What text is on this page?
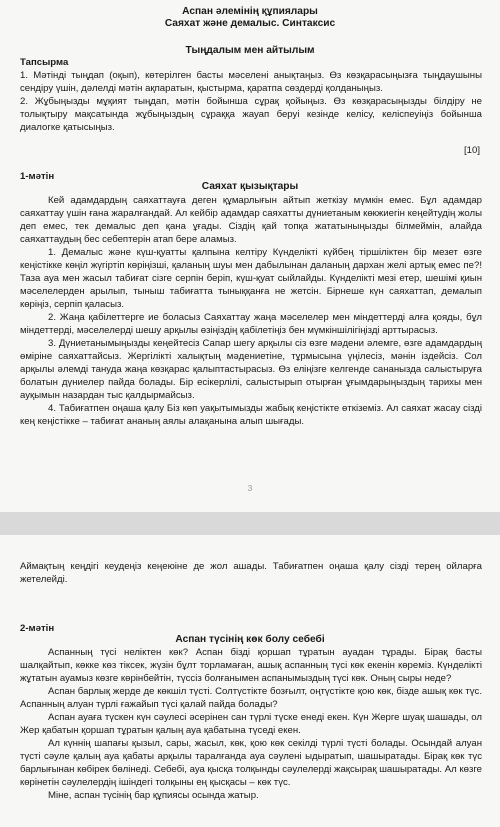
Аспан әлемінің құпиялары
Саяхат және демалыс. Синтаксис
Тыңдалым мен айтылым
Тапсырма

1. Мәтінді тыңдап (оқып), көтерілген басты мәселені анықтаңыз. Өз көзқарасыңызға тыңдаушыны сендіру үшін, дәлелді мәтін ақпаратын, қыстырма, қаратпа сөздерді қолданыңыз.

2. Жұбыңызды мұқият тыңдап, мәтін бойынша сұрақ қойыңыз. Өз көзқарасыңызды білдіру не толықтыру мақсатында жұбыңыздың сұраққа жауап беруі кезінде келісу, келіспеуіңіз бойынша диалогке қатысыңыз.

[10]
1-мәтін
Саяхат қызықтары

Кей адамдардың саяхаттауға деген құмарлығын айтып жеткізу мүмкін емес. Бұл адамдар саяхаттау үшін ғана жаралғандай. Ал кейбір адамдар саяхатты дүниетаным көкжиегін кеңейтудің жолы деп емес, тек демалыс деп қана ұғады. Сіздің қай топқа жататыныңызды білмеймін, алайда саяхаттаудың бес себептерін атап бере аламыз.

1. Демалыс және күш-қуатты қалпына келтіру Күнделікті күйбең тіршіліктен бір мезет өзге кеңістікке көңіл жүгіртіп көріңізші, қаланың шуы мен дабылынан даланың дархан желі артық емес пе?! Таза ауа мен жасыл табиғат сізге серпін беріп, күш-қуат сыйлайды. Күнделікті мезі етер, шешімі қиын мәселелерден арылып, тыныш табиғатта тыныққанға не жетсін. Бірнеше күн саяхаттап, демалып көріңіз, серпіп қаласыз.

2. Жаңа қабілеттерге ие боласыз Саяхаттау жаңа мәселелер мен міндеттерді алға қояды, бұл міндеттерді, мәселелерді шешу арқылы өзіңіздің қабілетіңіз бен мүмкіншілігіңізді арттырасыз.

3. Дүниетанымыңызды кеңейтесіз Сапар шегу арқылы сіз өзге мәдени әлемге, өзге адамдардың өміріне саяхаттайсыз. Жергілікті халықтың мәдениетіне, тұрмысына үңілесіз, мәнін іздейсіз. Сол арқылы әлемді тануда жаңа көзқарас қалыптастырасыз. Өз еліңізге келгенде сананызда салыстыруға болатын дүниелер пайда болады. Бір есікерлілі, салыстырып отырған ұғымдарыңыздың тарихы мен ауқымын назардан тыс қалдырмайсыз.

4. Табиғатпен оңаша қалу Біз көп уақытымызды жабық кеңістікте өткіземіз. Ал саяхат жасау сізді кең кеңістікке – табиғат ананың аялы алақанына алып шығады.

3
Аймақтың кеңдігі кеудеңіз кеңеюіне де жол ашады. Табиғатпен оңаша қалу сізді терең ойларға жетелейді.
2-мәтін
Аспан түсінің көк болу себебі

Аспанның түсі неліктен көк? Аспан бізді қоршап тұратын ауадан тұрады. Бірақ басты шалқайтып, көкке көз тіксек, жүзін бұлт торламаған, ашық аспанның түсі көк екенін көреміз. Күнделікті жұтатын ауамыз көзге көрінбейтін, түссіз болғанымен аспанымыздың түсі көк. Оның сыры неде?

Аспан барлық жерде де көкшіл түсті. Солтүстікте бозғылт, оңтүстікте қою көк, бізде ашық көк түс. Аспанның алуан түрлі ғажайып түсі қалай пайда болады?

Аспан ауаға түскен күн сәулесі әсерінен сан түрлі түске енеді екен. Күн Жерге шуақ шашады, ол Жер қабатын қоршап тұратын қалың ауа қабатына түседі екен.

Ал күннің шапағы қызыл, сары, жасыл, көк, қою көк секілді түрлі түсті болады. Осындай алуан түсті сәуле қалың ауа қабаты арқылы таралғанда ауа сәулені ыдыратып, шашыратады. Бірақ көк түс барлығынан көбірек бөлінеді. Себебі, ауа қысқа толқынды сәулелерді жақсырақ шашыратады. Ал көзге көрінетін сәулелердің ішіндегі толқыны ең қысқасы – көк түс.

Міне, аспан түсінің бар құпиясы осында жатыр.
